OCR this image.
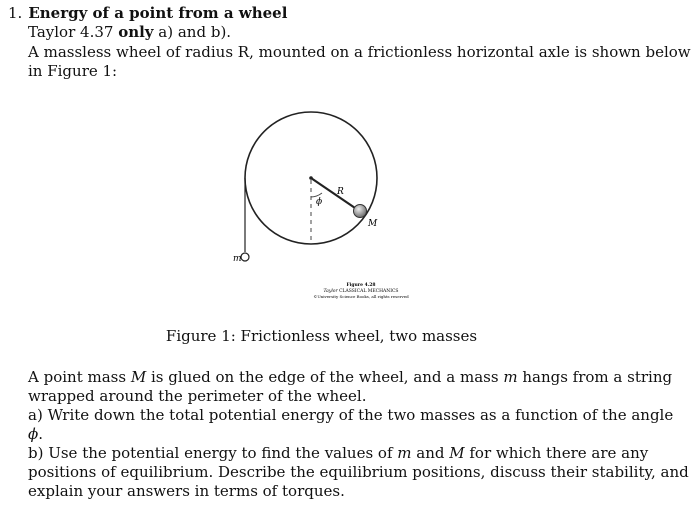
1. Energy of a point from a wheel
Taylor 4.37 only a) and b).
A massless wheel of radius R, mounted on a frictionless horizontal axle is shown below
in Figure 1:
R
M
m
ϕ
Figure 4.28
Taylor CLASSICAL MECHANICS
©University Science Books, all rights reserved
Figure 1: Frictionless wheel, two masses
A point mass M is glued on the edge of the wheel, and a mass m hangs from a string
wrapped around the perimeter of the wheel.
a) Write down the total potential energy of the two masses as a function of the angle
ϕ.
b) Use the potential energy to find the values of m and M for which there are any
positions of equilibrium. Describe the equilibrium positions, discuss their stability, and
explain your answers in terms of torques.
